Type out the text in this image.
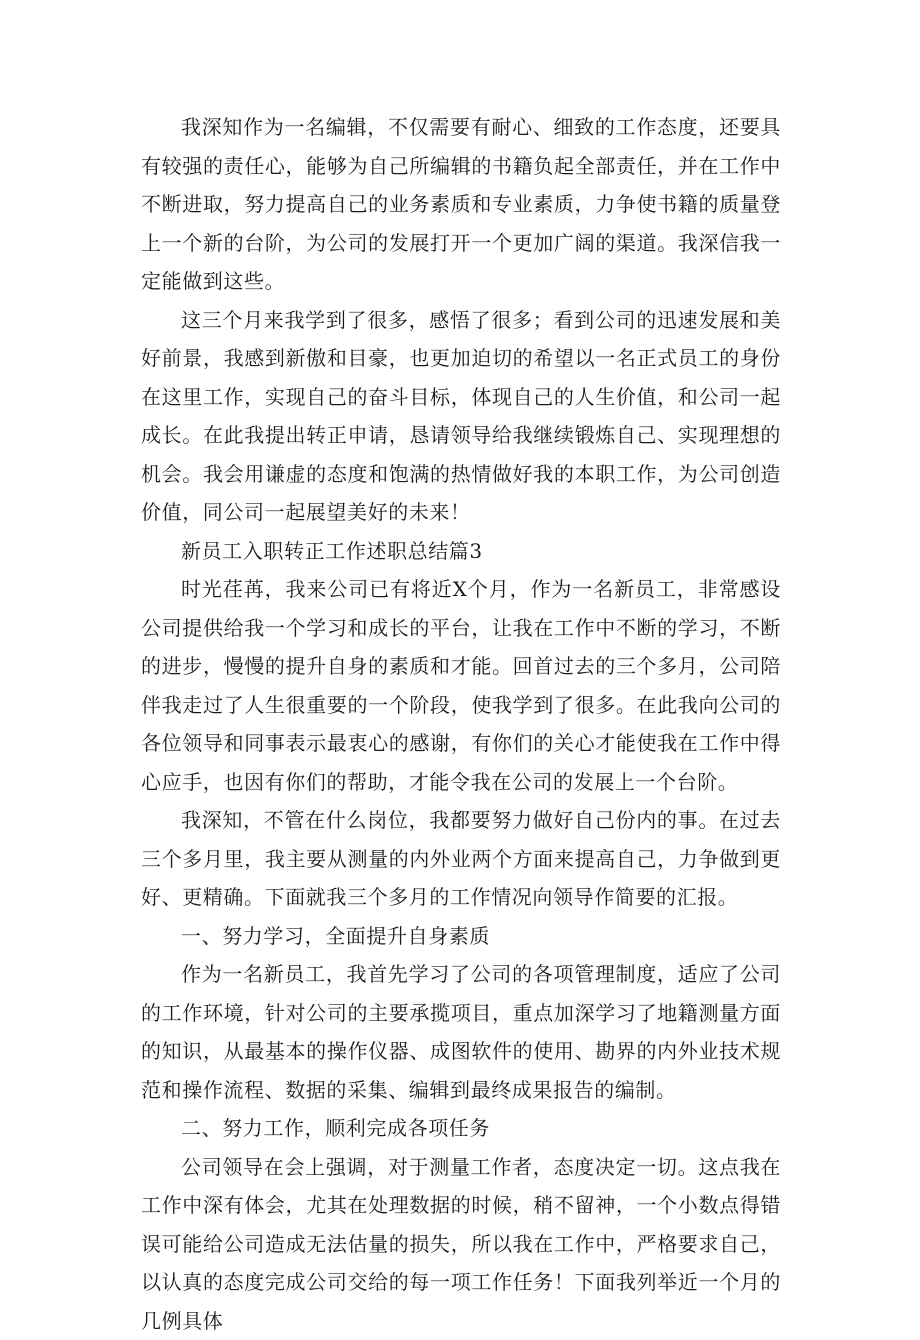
我深知作为一名编辑，不仅需要有耐心、细致的工作态度，还要具有较强的责任心，能够为自己所编辑的书籍负起全部责任，并在工作中不断进取，努力提高自己的业务素质和专业素质，力争使书籍的质量登上一个新的台阶，为公司的发展打开一个更加广阔的渠道。我深信我一定能做到这些。

这三个月来我学到了很多，感悟了很多；看到公司的迅速发展和美好前景，我感到新傲和目豪，也更加迫切的希望以一名正式员工的身份在这里工作，实现自己的奋斗目标，体现自己的人生价值，和公司一起成长。在此我提出转正申请，恳请领导给我继续锻炼自己、实现理想的机会。我会用谦虚的态度和饱满的热情做好我的本职工作，为公司创造价值，同公司一起展望美好的未来！

新员工入职转正工作述职总结篇3

时光荏苒，我来公司已有将近X个月，作为一名新员工，非常感设公司提供给我一个学习和成长的平台，让我在工作中不断的学习，不断的进步，慢慢的提升自身的素质和才能。回首过去的三个多月，公司陪伴我走过了人生很重要的一个阶段，使我学到了很多。在此我向公司的各位领导和同事表示最衷心的感谢，有你们的关心才能使我在工作中得心应手，也因有你们的帮助，才能令我在公司的发展上一个台阶。

我深知，不管在什么岗位，我都要努力做好自己份内的事。在过去三个多月里，我主要从测量的内外业两个方面来提高自己，力争做到更好、更精确。下面就我三个多月的工作情况向领导作简要的汇报。

一、努力学习，全面提升自身素质

作为一名新员工，我首先学习了公司的各项管理制度，适应了公司的工作环境，针对公司的主要承揽项目，重点加深学习了地籍测量方面的知识，从最基本的操作仪器、成图软件的使用、勘界的内外业技术规范和操作流程、数据的采集、编辑到最终成果报告的编制。

二、努力工作，顺利完成各项任务

公司领导在会上强调，对于测量工作者，态度决定一切。这点我在工作中深有体会，尤其在处理数据的时候，稍不留神，一个小数点得错误可能给公司造成无法估量的损失，所以我在工作中，严格要求自己，以认真的态度完成公司交给的每一项工作任务！下面我列举近一个月的几例具体
